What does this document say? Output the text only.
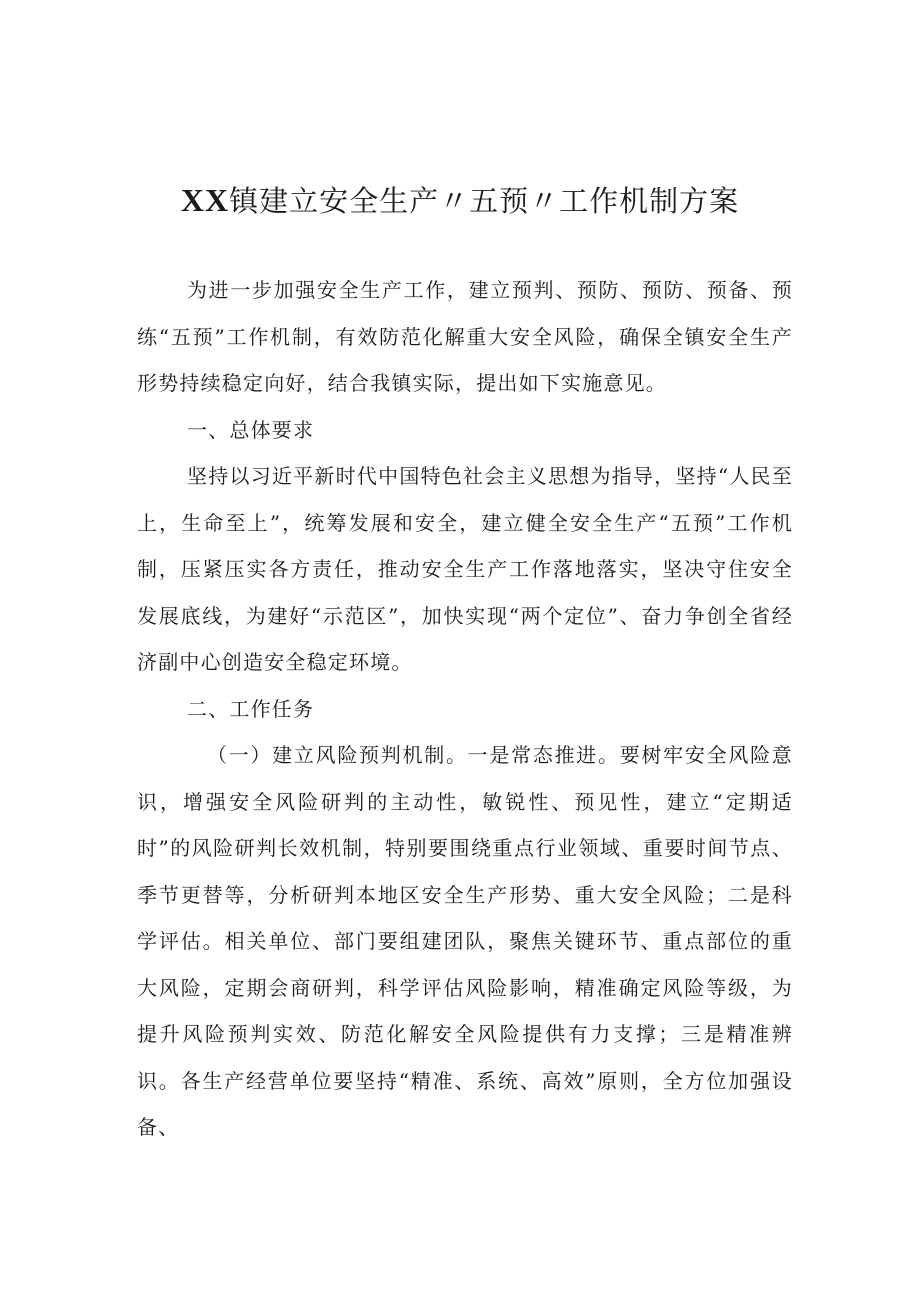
XX镇建立安全生产〃五预〃工作机制方案

为进一步加强安全生产工作，建立预判、预防、预防、预备、预练“五预”工作机制，有效防范化解重大安全风险，确保全镇安全生产形势持续稳定向好，结合我镇实际，提出如下实施意见。

一、总体要求

坚持以习近平新时代中国特色社会主义思想为指导，坚持“人民至上，生命至上”，统筹发展和安全，建立健全安全生产“五预”工作机制，压紧压实各方责任，推动安全生产工作落地落实，坚决守住安全发展底线，为建好“示范区”，加快实现“两个定位”、奋力争创全省经济副中心创造安全稳定环境。

二、工作任务

（一）建立风险预判机制。一是常态推进。要树牢安全风险意识，增强安全风险研判的主动性，敏锐性、预见性，建立“定期适时”的风险研判长效机制，特别要围绕重点行业领域、重要时间节点、季节更替等，分析研判本地区安全生产形势、重大安全风险；二是科学评估。相关单位、部门要组建团队，聚焦关键环节、重点部位的重大风险，定期会商研判，科学评估风险影响，精准确定风险等级，为提升风险预判实效、防范化解安全风险提供有力支撑；三是精准辨识。各生产经营单位要坚持“精准、系统、高效”原则，全方位加强设备、
